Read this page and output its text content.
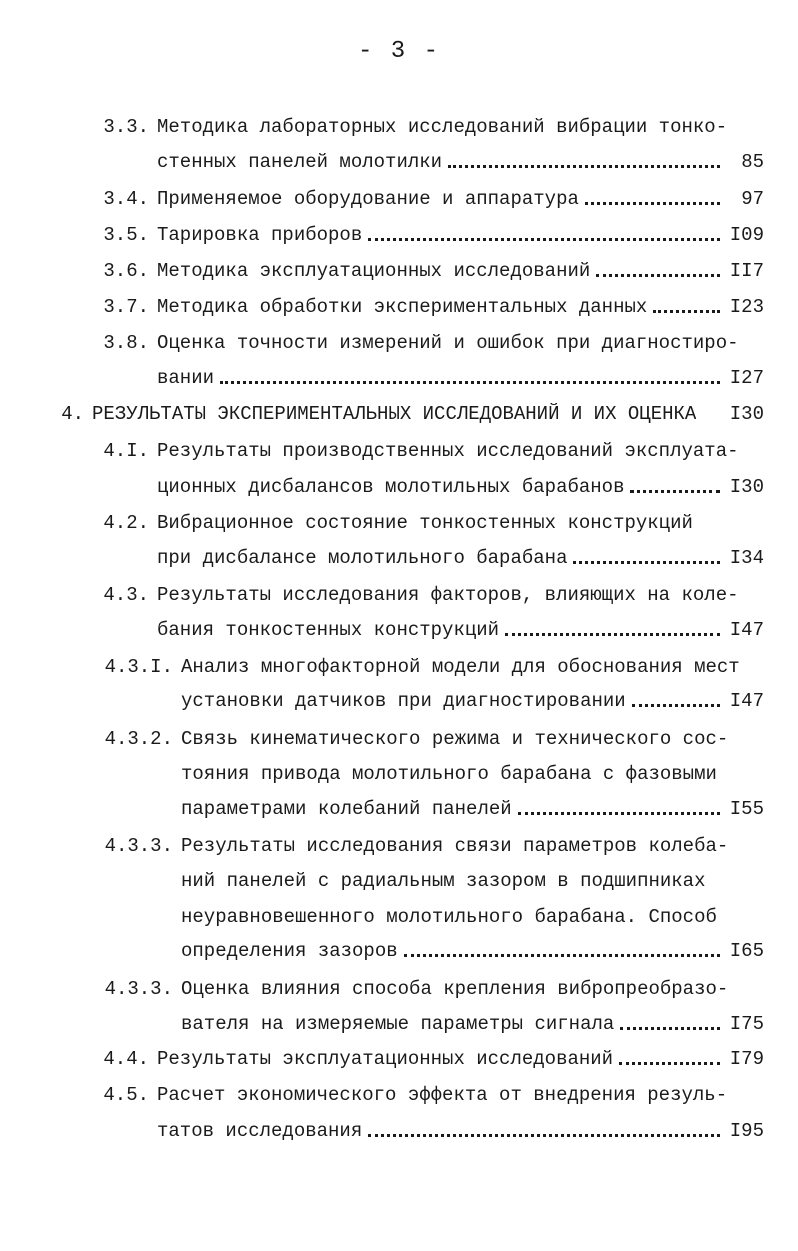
- 3 -
3.3. Методика лабораторных исследований вибрации тонко-
стенных панелей молотилки	85
3.4. Применяемое оборудование и аппаратура	97
3.5. Тарировка приборов	I09
3.6. Методика эксплуатационных исследований	II7
3.7. Методика обработки экспериментальных данных	I23
3.8. Оценка точности измерений и ошибок при диагностиро-
вании	I27
4. РЕЗУЛЬТАТЫ ЭКСПЕРИМЕНТАЛЬНЫХ ИССЛЕДОВАНИЙ И ИХ ОЦЕНКА I30
4.I. Результаты производственных исследований эксплуата-
ционных дисбалансов молотильных барабанов	I30
4.2. Вибрационное состояние тонкостенных конструкций
при дисбалансе молотильного барабана	I34
4.3. Результаты исследования факторов, влияющих на коле-
бания тонкостенных конструкций	I47
4.3.I. Анализ многофакторной модели для обоснования мест
установки датчиков при диагностировании	I47
4.3.2. Связь кинематического режима и технического сос-
тояния привода молотильного барабана с фазовыми
параметрами колебаний панелей	I55
4.3.3. Результаты исследования связи параметров колеба-
ний панелей с радиальным зазором в подшипниках
неуравновешенного молотильного барабана. Способ
определения зазоров	I65
4.3.3. Оценка влияния способа крепления вибропреобразо-
вателя на измеряемые параметры сигнала	I75
4.4. Результаты эксплуатационных исследований	I79
4.5. Расчет экономического эффекта от внедрения резуль-
татов исследования	I95
